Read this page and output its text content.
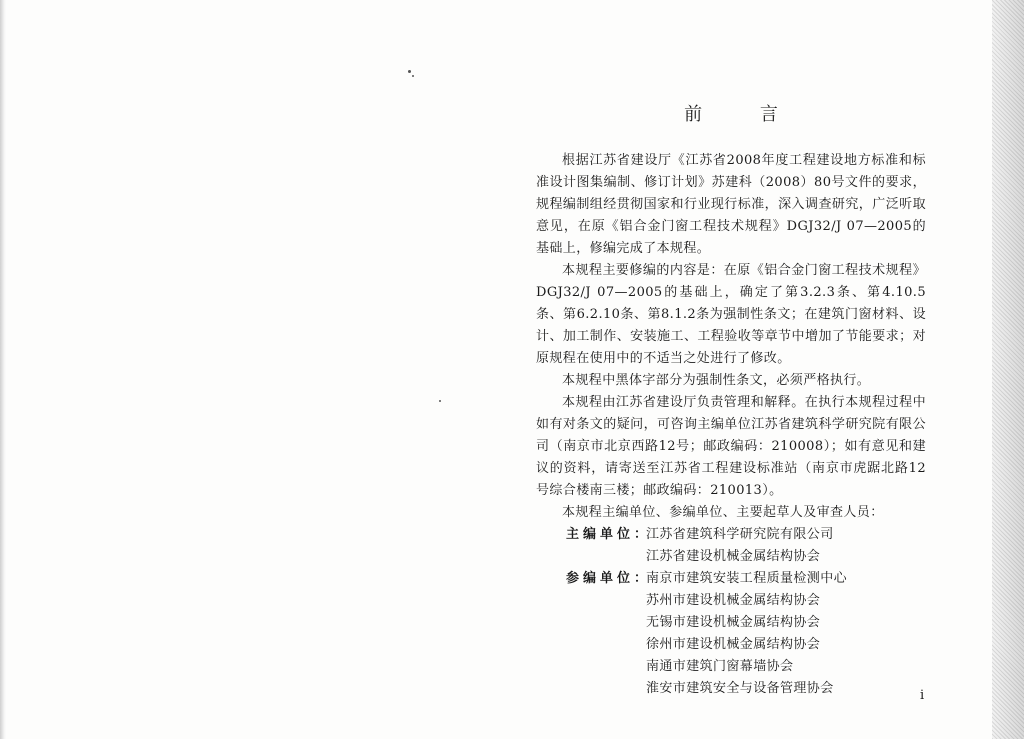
前 言

根据江苏省建设厅《江苏省2008年度工程建设地方标准和标准设计图集编制、修订计划》苏建科（2008）80号文件的要求，规程编制组经贯彻国家和行业现行标准，深入调查研究，广泛听取意见，在原《铝合金门窗工程技术规程》DGJ32/J 07—2005的基础上，修编完成了本规程。

本规程主要修编的内容是：在原《铝合金门窗工程技术规程》DGJ32/J 07—2005的基础上，确定了第3.2.3条、第4.10.5条、第6.2.10条、第8.1.2条为强制性条文；在建筑门窗材料、设计、加工制作、安装施工、工程验收等章节中增加了节能要求；对原规程在使用中的不适当之处进行了修改。

本规程中黑体字部分为强制性条文，必须严格执行。

本规程由江苏省建设厅负责管理和解释。在执行本规程过程中如有对条文的疑问，可咨询主编单位江苏省建筑科学研究院有限公司（南京市北京西路12号；邮政编码：210008）；如有意见和建议的资料，请寄送至江苏省工程建设标准站（南京市虎踞北路12号综合楼南三楼；邮政编码：210013）。

本规程主编单位、参编单位、主要起草人及审查人员：

主编单位：
江苏省建筑科学研究院有限公司
江苏省建设机械金属结构协会
参编单位：
南京市建筑安装工程质量检测中心
苏州市建设机械金属结构协会
无锡市建设机械金属结构协会
徐州市建设机械金属结构协会
南通市建筑门窗幕墙协会
淮安市建筑安全与设备管理协会	i
